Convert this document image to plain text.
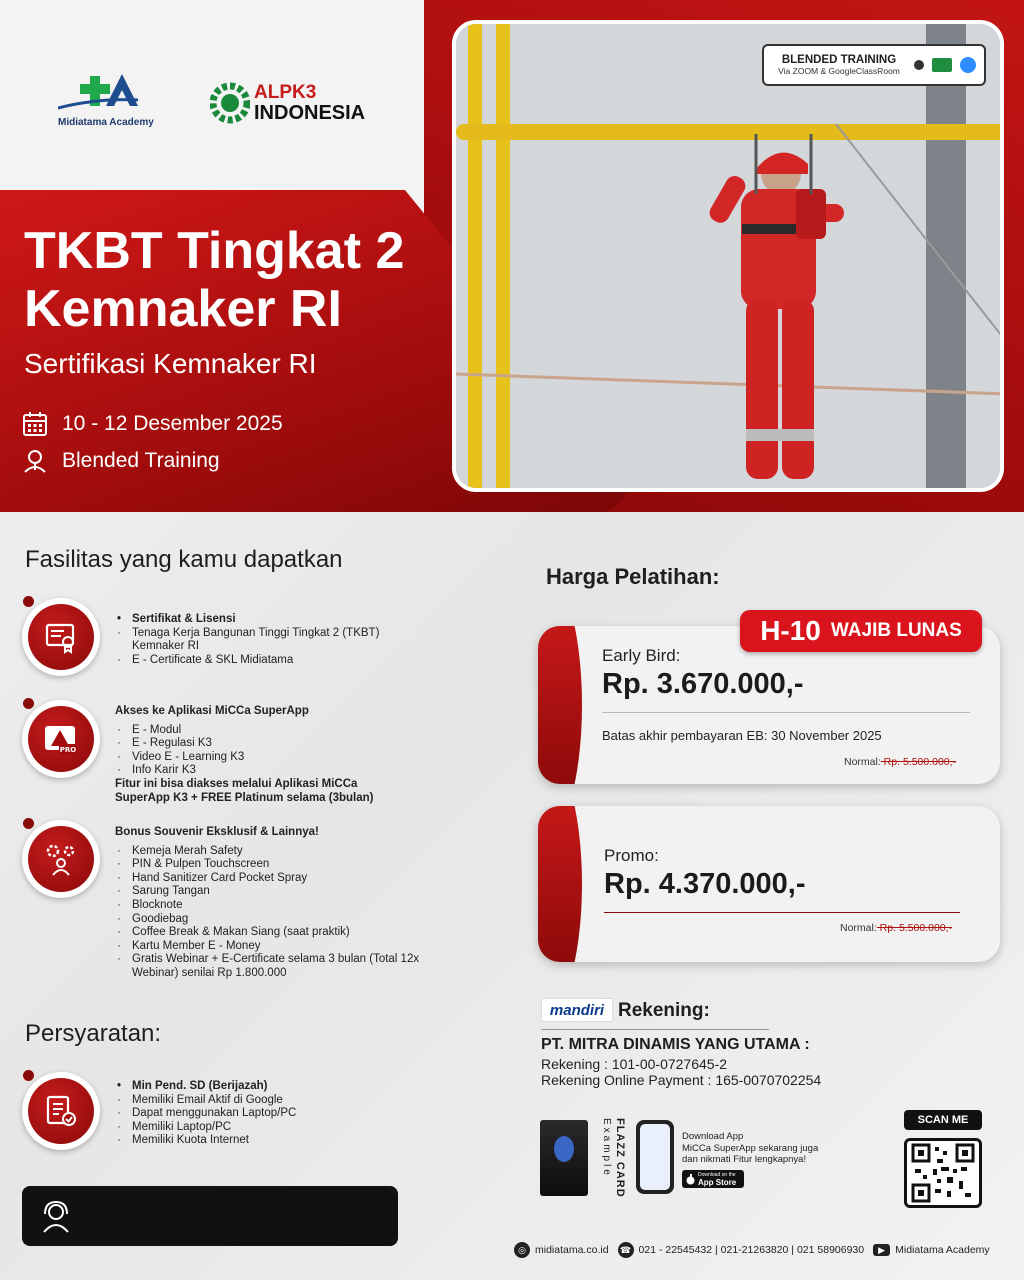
BLENDED TRAINING
Via ZOOM & GoogleClassRoom
Midiatama Academy
ALPK3
INDONESIA
TKBT Tingkat 2
Kemnaker RI
Sertifikasi Kemnaker RI
10 - 12 Desember 2025
Blended Training
Fasilitas yang kamu dapatkan
• Sertifikat & Lisensi
· Tenaga Kerja Bangunan Tinggi Tingkat 2 (TKBT)
Kemnaker RI
· E - Certificate & SKL Midiatama
PRO
Akses ke Aplikasi MiCCa SuperApp
· E - Modul
· E - Regulasi K3
· Video E - Learning K3
· Info Karir K3
Fitur ini bisa diakses melalui Aplikasi MiCCa SuperApp K3 + FREE Platinum selama (3bulan)
Bonus Souvenir Eksklusif & Lainnya!
· Kemeja Merah Safety
· PIN & Pulpen Touchscreen
· Hand Sanitizer Card Pocket Spray
· Sarung Tangan
· Blocknote
· Goodiebag
· Coffee Break & Makan Siang (saat praktik)
· Kartu Member E - Money
· Gratis Webinar + E-Certificate selama 3 bulan (Total 12x Webinar) senilai Rp 1.800.000
Persyaratan:
• Min Pend. SD (Berijazah)
· Memiliki Email Aktif di Google
· Dapat menggunakan Laptop/PC
· Memiliki Laptop/PC
· Memiliki Kuota Internet
Harga Pelatihan:
Early Bird:
Rp. 3.670.000,-
Batas akhir pembayaran EB: 30 November 2025
Normal: Rp. 5.500.000,-
H-10 WAJIB LUNAS
Promo:
Rp. 4.370.000,-
Normal: Rp. 5.500.000,-
mandiri Rekening:
PT. MITRA DINAMIS YANG UTAMA :
Rekening : 101-00-0727645-2
Rekening Online Payment : 165-0070702254
FLAZZ CARD
Example	Download App
MiCCa SuperApp sekarang juga
dan nikmati Fitur lengkapnya!
Download on the
App Store
SCAN ME
◎ midiatama.co.id ☎ 021 - 22545432 | 021-21263820 | 021 58906930	▶ Midiatama Academy
